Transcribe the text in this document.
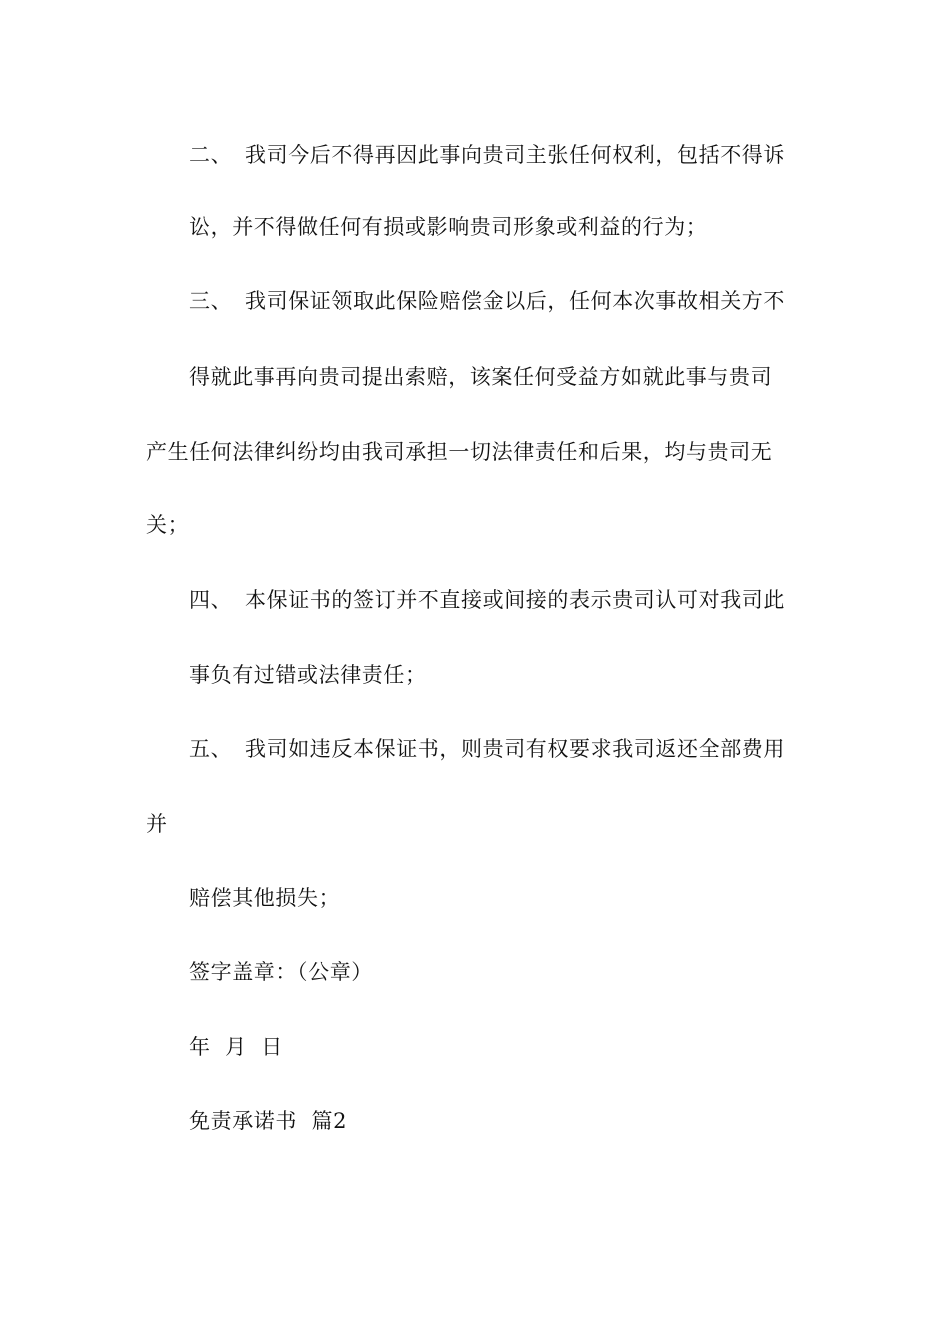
二、 我司今后不得再因此事向贵司主张任何权利，包括不得诉
讼，并不得做任何有损或影响贵司形象或利益的行为；
三、 我司保证领取此保险赔偿金以后，任何本次事故相关方不
得就此事再向贵司提出索赔，该案任何受益方如就此事与贵司
产生任何法律纠纷均由我司承担一切法律责任和后果，均与贵司无
关；
四、 本保证书的签订并不直接或间接的表示贵司认可对我司此
事负有过错或法律责任；
五、 我司如违反本保证书，则贵司有权要求我司返还全部费用
并
赔偿其他损失；
签字盖章：（公章）
年  月  日
免责承诺书  篇2
